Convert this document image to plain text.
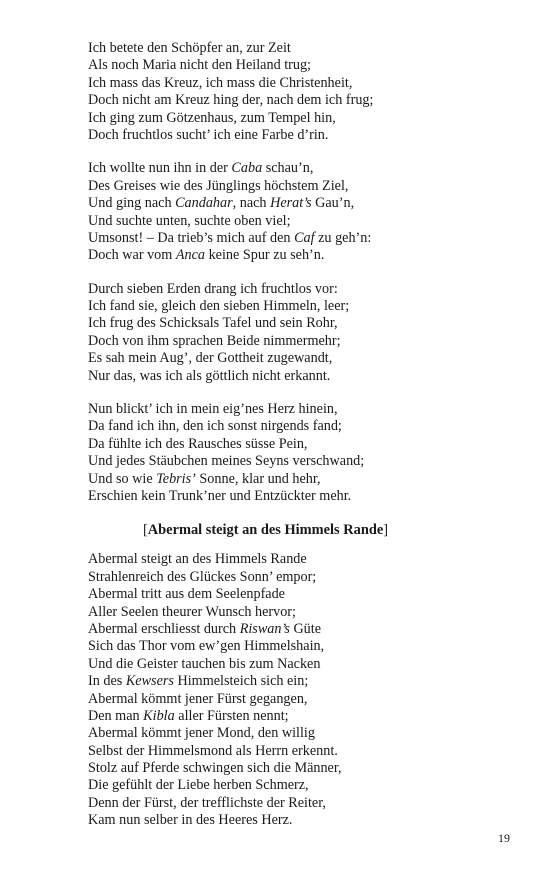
Ich betete den Schöpfer an, zur Zeit
Als noch Maria nicht den Heiland trug;
Ich mass das Kreuz, ich mass die Christenheit,
Doch nicht am Kreuz hing der, nach dem ich frug;
Ich ging zum Götzenhaus, zum Tempel hin,
Doch fruchtlos sucht’ ich eine Farbe d’rin.
Ich wollte nun ihn in der Caba schau’n,
Des Greises wie des Jünglings höchstem Ziel,
Und ging nach Candahar, nach Herat’s Gau’n,
Und suchte unten, suchte oben viel;
Umsonst! – Da trieb’s mich auf den Caf zu geh’n:
Doch war vom Anca keine Spur zu seh’n.
Durch sieben Erden drang ich fruchtlos vor:
Ich fand sie, gleich den sieben Himmeln, leer;
Ich frug des Schicksals Tafel und sein Rohr,
Doch von ihm sprachen Beide nimmermehr;
Es sah mein Aug’, der Gottheit zugewandt,
Nur das, was ich als göttlich nicht erkannt.
Nun blickt’ ich in mein eig’nes Herz hinein,
Da fand ich ihn, den ich sonst nirgends fand;
Da fühlte ich des Rausches süsse Pein,
Und jedes Stäubchen meines Seyns verschwand;
Und so wie Tebris’ Sonne, klar und hehr,
Erschien kein Trunk’ner und Entzückter mehr.
[Abermal steigt an des Himmels Rande]
Abermal steigt an des Himmels Rande
Strahlenreich des Glückes Sonn’ empor;
Abermal tritt aus dem Seelenpfade
Aller Seelen theurer Wunsch hervor;
Abermal erschliesst durch Riswan’s Güte
Sich das Thor vom ew’gen Himmelshain,
Und die Geister tauchen bis zum Nacken
In des Kewsers Himmelsteich sich ein;
Abermal kömmt jener Fürst gegangen,
Den man Kibla aller Fürsten nennt;
Abermal kömmt jener Mond, den willig
Selbst der Himmelsmond als Herrn erkennt.
Stolz auf Pferde schwingen sich die Männer,
Die gefühlt der Liebe herben Schmerz,
Denn der Fürst, der trefflichste der Reiter,
Kam nun selber in des Heeres Herz.
19
